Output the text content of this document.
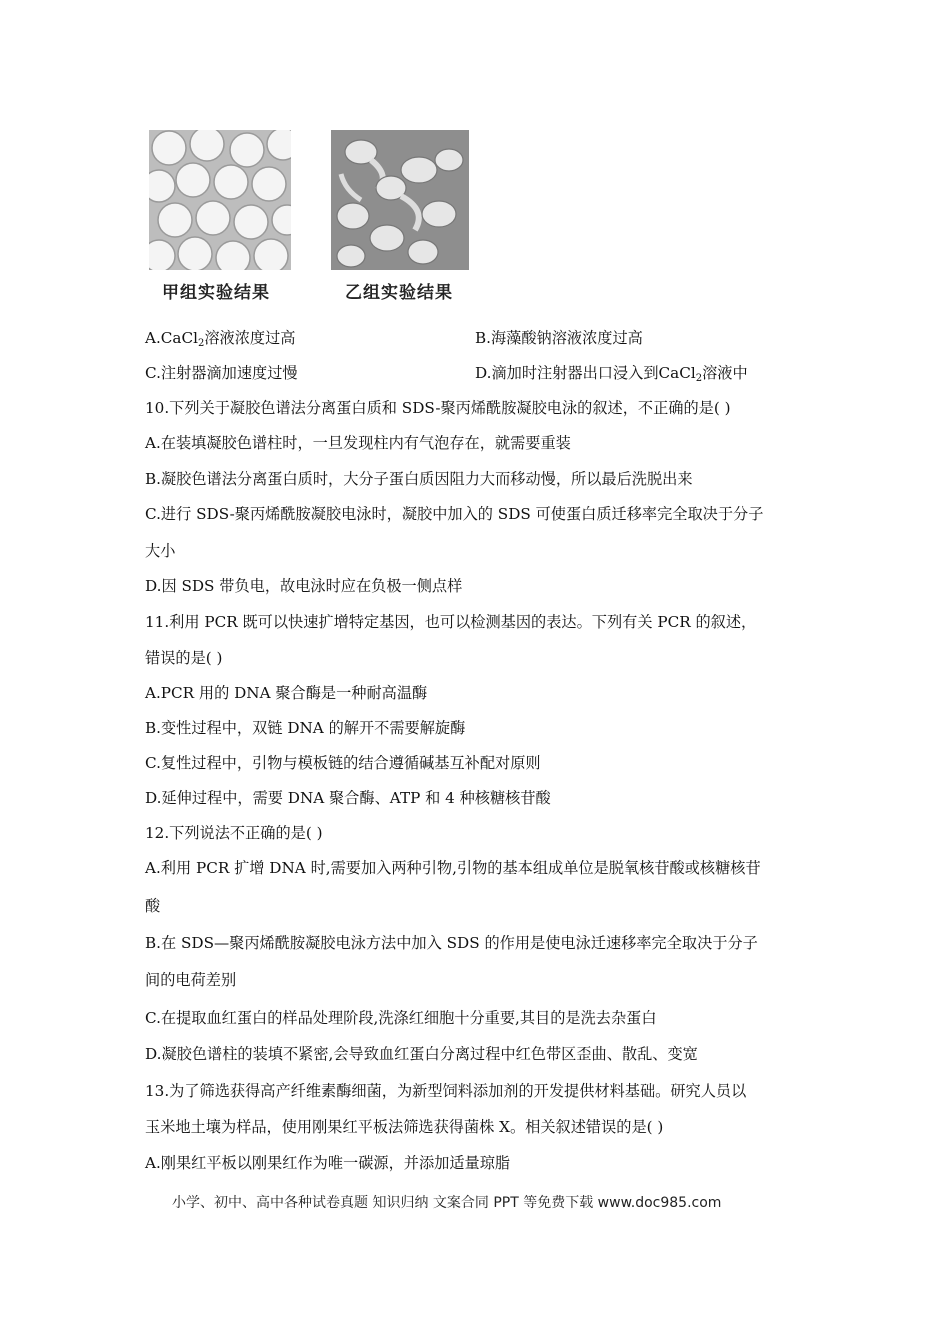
甲组实验结果	乙组实验结果
A.CaCl$_2$溶液浓度过高	B.海藻酸钠溶液浓度过高
C.注射器滴加速度过慢	D.滴加时注射器出口浸入到CaCl$_2$溶液中
10.下列关于凝胶色谱法分离蛋白质和 SDS-聚丙烯酰胺凝胶电泳的叙述，不正确的是( )
A.在装填凝胶色谱柱时，一旦发现柱内有气泡存在，就需要重装
B.凝胶色谱法分离蛋白质时，大分子蛋白质因阻力大而移动慢，所以最后洗脱出来
C.进行 SDS-聚丙烯酰胺凝胶电泳时，凝胶中加入的 SDS 可使蛋白质迁移率完全取决于分子
大小
D.因 SDS 带负电，故电泳时应在负极一侧点样
11.利用 PCR 既可以快速扩增特定基因，也可以检测基因的表达。下列有关 PCR 的叙述，
错误的是( )
A.PCR 用的 DNA 聚合酶是一种耐高温酶
B.变性过程中，双链 DNA 的解开不需要解旋酶
C.复性过程中，引物与模板链的结合遵循碱基互补配对原则
D.延伸过程中，需要 DNA 聚合酶、ATP 和 4 种核糖核苷酸
12.下列说法不正确的是( )
A.利用 PCR 扩增 DNA 时,需要加入两种引物,引物的基本组成单位是脱氧核苷酸或核糖核苷
酸
B.在 SDS—聚丙烯酰胺凝胶电泳方法中加入 SDS 的作用是使电泳迁速移率完全取决于分子
间的电荷差别
C.在提取血红蛋白的样品处理阶段,洗涤红细胞十分重要,其目的是洗去杂蛋白
D.凝胶色谱柱的装填不紧密,会导致血红蛋白分离过程中红色带区歪曲、散乱、变宽
13.为了筛选获得高产纤维素酶细菌，为新型饲料添加剂的开发提供材料基础。研究人员以
玉米地土壤为样品，使用刚果红平板法筛选获得菌株 X。相关叙述错误的是( )
A.刚果红平板以刚果红作为唯一碳源，并添加适量琼脂
小学、初中、高中各种试卷真题 知识归纳 文案合同 PPT 等免费下载 www.doc985.com
